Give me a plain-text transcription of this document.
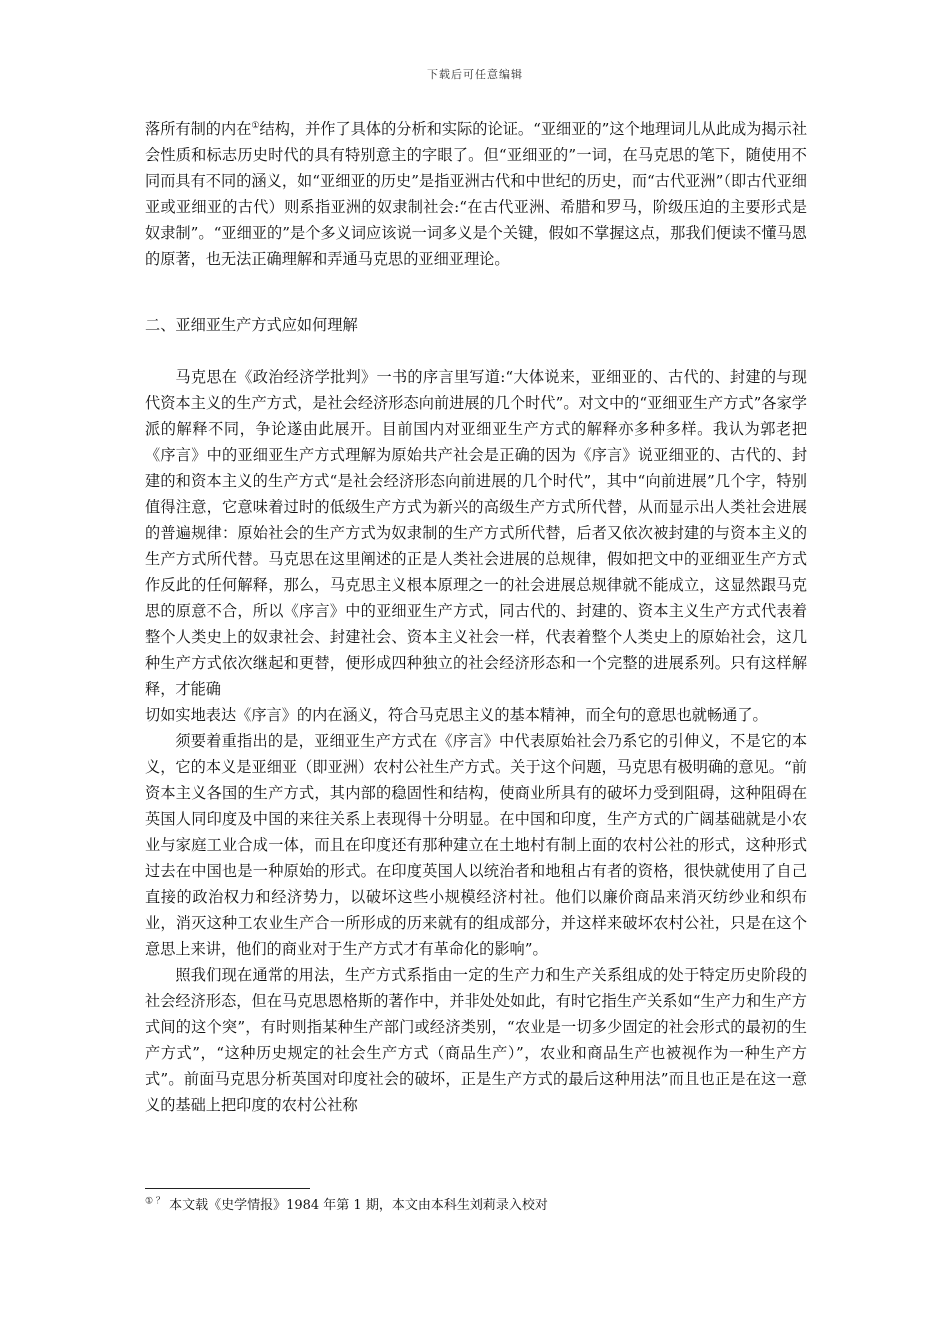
下载后可任意编辑

落所有制的内在①结构，并作了具体的分析和实际的论证。“亚细亚的”这个地理词儿从此成为揭示社会性质和标志历史时代的具有特别意主的字眼了。但“亚细亚的”一词，在马克思的笔下，随使用不同而具有不同的涵义，如“亚细亚的历史”是指亚洲古代和中世纪的历史，而“古代亚洲”（即古代亚细亚或亚细亚的古代）则系指亚洲的奴隶制社会:“在古代亚洲、希腊和罗马，阶级压迫的主要形式是奴隶制”。“亚细亚的”是个多义词应该说一词多义是个关键，假如不掌握这点，那我们便读不懂马恩的原著，也无法正确理解和弄通马克思的亚细亚理论。

二、亚细亚生产方式应如何理解

马克思在《政治经济学批判》一书的序言里写道:“大体说来，亚细亚的、古代的、封建的与现代资本主义的生产方式，是社会经济形态向前进展的几个时代”。对文中的“亚细亚生产方式”各家学派的解释不同，争论遂由此展开。目前国内对亚细亚生产方式的解释亦多种多样。我认为郭老把《序言》中的亚细亚生产方式理解为原始共产社会是正确的因为《序言》说亚细亚的、古代的、封建的和资本主义的生产方式“是社会经济形态向前进展的几个时代”，其中“向前进展”几个字，特别值得注意，它意味着过时的低级生产方式为新兴的高级生产方式所代替，从而显示出人类社会进展的普遍规律：原始社会的生产方式为奴隶制的生产方式所代替，后者又依次被封建的与资本主义的生产方式所代替。马克思在这里阐述的正是人类社会进展的总规律，假如把文中的亚细亚生产方式作反此的任何解释，那么，马克思主义根本原理之一的社会进展总规律就不能成立，这显然跟马克思的原意不合，所以《序言》中的亚细亚生产方式，同古代的、封建的、资本主义生产方式代表着整个人类史上的奴隶社会、封建社会、资本主义社会一样，代表着整个人类史上的原始社会，这几种生产方式依次继起和更替，便形成四种独立的社会经济形态和一个完整的进展系列。只有这样解释，才能确

切如实地表达《序言》的内在涵义，符合马克思主义的基本精神，而全句的意思也就畅通了。

须要着重指出的是，亚细亚生产方式在《序言》中代表原始社会乃系它的引伸义，不是它的本义，它的本义是亚细亚（即亚洲）农村公社生产方式。关于这个问题，马克思有极明确的意见。“前资本主义各国的生产方式，其内部的稳固性和结构，使商业所具有的破坏力受到阻碍，这种阻碍在英国人同印度及中国的来往关系上表现得十分明显。在中国和印度，生产方式的广阔基础就是小农业与家庭工业合成一体，而且在印度还有那种建立在土地村有制上面的农村公社的形式，这种形式过去在中国也是一种原始的形式。在印度英国人以统治者和地租占有者的资格，很快就使用了自己直接的政治权力和经济势力，以破坏这些小规模经济村社。他们以廉价商品来消灭纺纱业和织布业，消灭这种工农业生产合一所形成的历来就有的组成部分，并这样来破坏农村公社，只是在这个意思上来讲，他们的商业对于生产方式才有革命化的影响”。

照我们现在通常的用法，生产方式系指由一定的生产力和生产关系组成的处于特定历史阶段的社会经济形态，但在马克思恩格斯的著作中，并非处处如此，有时它指生产关系如“生产力和生产方式间的这个突”，有时则指某种生产部门或经济类别，“农业是一切多少固定的社会形式的最初的生产方式”，“这种历史规定的社会生产方式（商品生产）”，农业和商品生产也被视作为一种生产方式”。前面马克思分析英国对印度社会的破坏，正是生产方式的最后这种用法”而且也正是在这一意义的基础上把印度的农村公社称

① ？ 本文载《史学情报》1984 年第 1 期，本文由本科生刘莉录入校对
